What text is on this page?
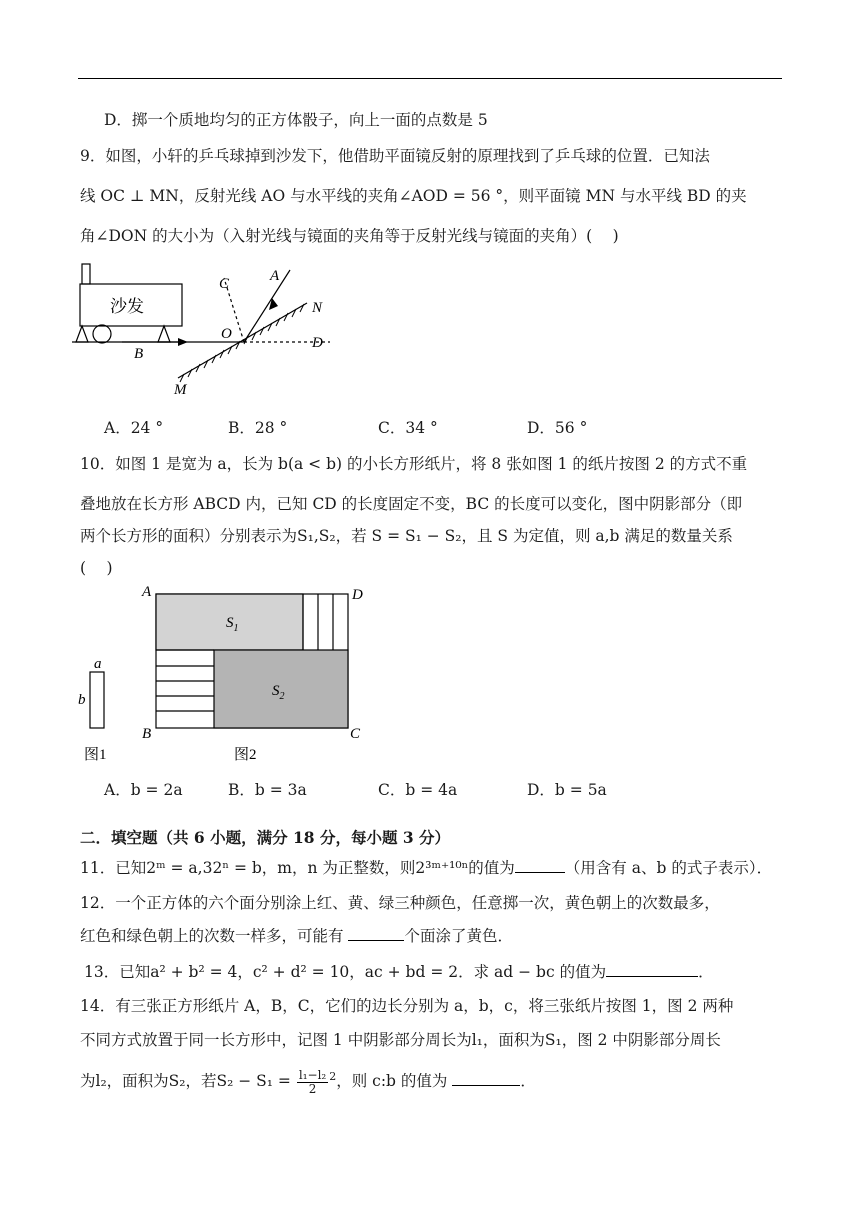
D．掷一个质地均匀的正方体骰子，向上一面的点数是 5
9．如图，小轩的乒乓球掉到沙发下，他借助平面镜反射的原理找到了乒乓球的位置．已知法
线 OC ⊥ MN，反射光线 AO 与水平线的夹角∠AOD = 56 °，则平面镜 MN 与水平线 BD 的夹
角∠DON 的大小为（入射光线与镜面的夹角等于反射光线与镜面的夹角）(　 )
沙发
B
C	A
N
O
D
M
A．24 °	B．28 °	C．34 °	D．56 °
10．如图 1 是宽为 a，长为 b(a < b) 的小长方形纸片，将 8 张如图 1 的纸片按图 2 的方式不重
叠地放在长方形 ABCD 内，已知 CD 的长度固定不变，BC 的长度可以变化，图中阴影部分（即
两个长方形的面积）分别表示为S₁,S₂，若 S = S₁ − S₂，且 S 为定值，则 a,b 满足的数量关系
(　 )
a
b
图1	图2
A	D
B	C
$S_1$
$S_2$
A．b = 2a	B．b = 3a	C．b = 4a	D．b = 5a
二．填空题（共 6 小题，满分 18 分，每小题 3 分）
11．已知2ᵐ = a,32ⁿ = b，m，n 为正整数，则2³ᵐ⁺¹⁰ⁿ的值为	（用含有 a、b 的式子表示）．
12．一个正方体的六个面分别涂上红、黄、绿三种颜色，任意掷一次，黄色朝上的次数最多，
红色和绿色朝上的次数一样多，可能有	个面涂了黄色．
13．已知a² + b² = 4，c² + d² = 10，ac + bd = 2．求 ad − bc 的值为	．
14．有三张正方形纸片 A，B，C，它们的边长分别为 a，b，c，将三张纸片按图 1，图 2 两种
不同方式放置于同一长方形中，记图 1 中阴影部分周长为l₁，面积为S₁，图 2 中阴影部分周长
为l₂，面积为S₂，若$S_2 - S_1 = \frac{\text{l₁−l₂}}{2} ^2$，则 c:b 的值为	．
